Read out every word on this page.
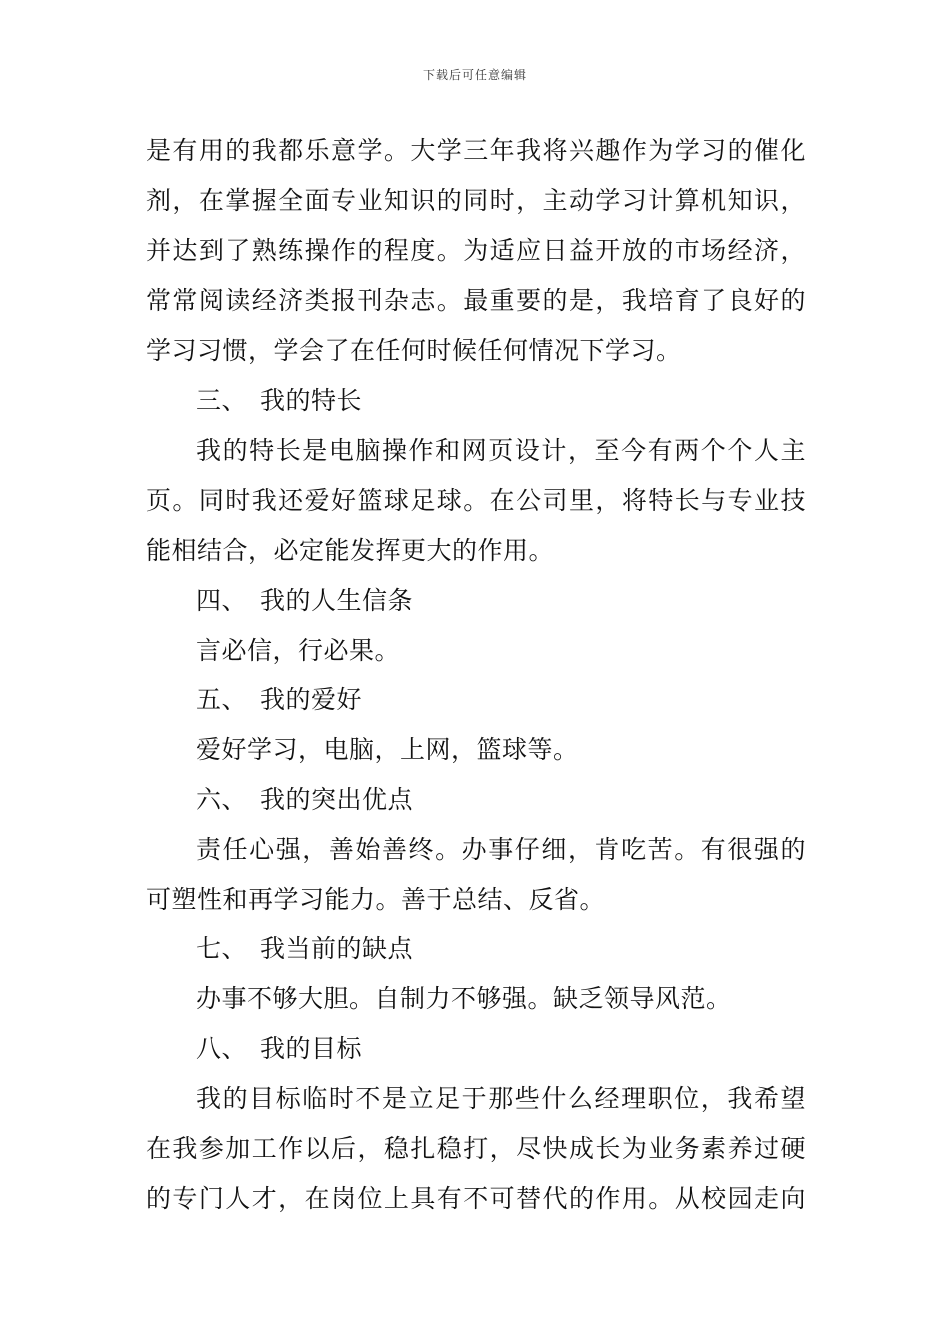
下载后可任意编辑
是有用的我都乐意学。大学三年我将兴趣作为学习的催化
剂，在掌握全面专业知识的同时，主动学习计算机知识，
并达到了熟练操作的程度。为适应日益开放的市场经济，
常常阅读经济类报刊杂志。最重要的是，我培育了良好的
学习习惯，学会了在任何时候任何情况下学习。
三、 我的特长
我的特长是电脑操作和网页设计，至今有两个个人主
页。同时我还爱好篮球足球。在公司里，将特长与专业技
能相结合，必定能发挥更大的作用。
四、 我的人生信条
言必信，行必果。
五、 我的爱好
爱好学习，电脑，上网，篮球等。
六、 我的突出优点
责任心强，善始善终。办事仔细，肯吃苦。有很强的
可塑性和再学习能力。善于总结、反省。
七、 我当前的缺点
办事不够大胆。自制力不够强。缺乏领导风范。
八、 我的目标
我的目标临时不是立足于那些什么经理职位，我希望
在我参加工作以后，稳扎稳打，尽快成长为业务素养过硬
的专门人才，在岗位上具有不可替代的作用。从校园走向
